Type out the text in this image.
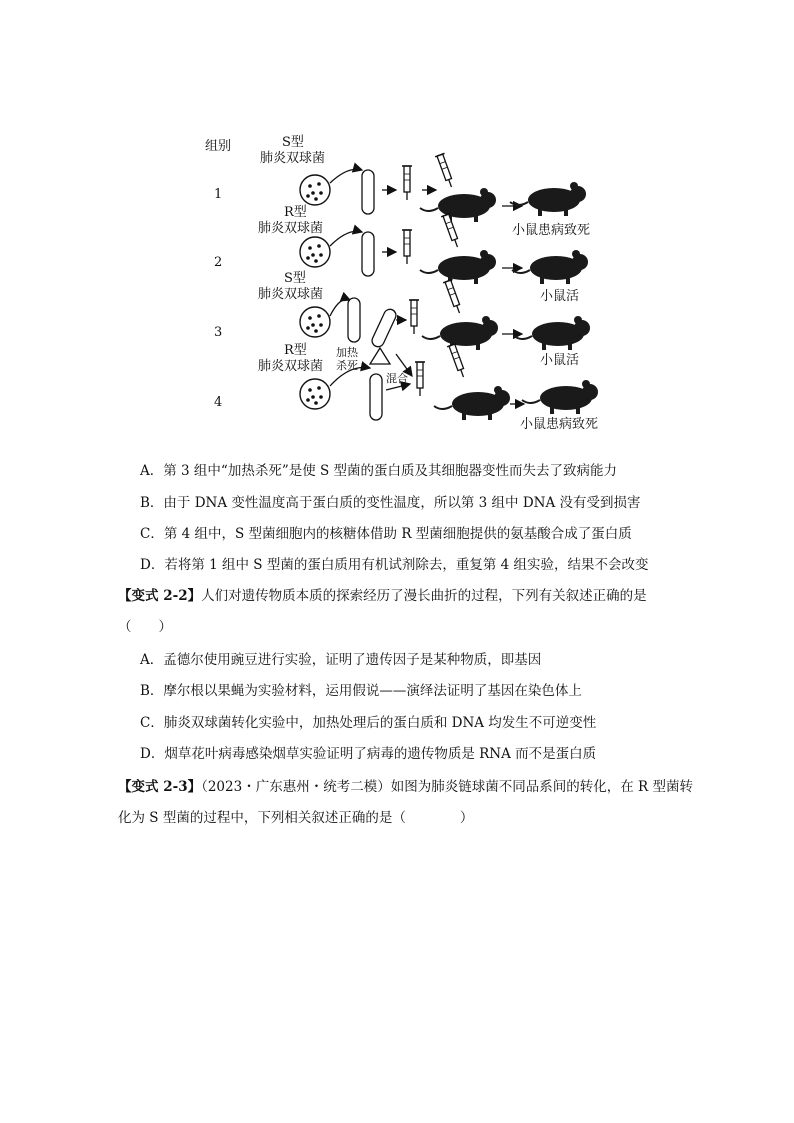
组别	S型
肺炎双球菌
1
小鼠患病致死
R型
肺炎双球菌
2
小鼠活
S型
肺炎双球菌
3
加热
杀死	小鼠活
R型
肺炎双球菌
4
混合
小鼠患病致死
A．第 3 组中“加热杀死”是使 S 型菌的蛋白质及其细胞器变性而失去了致病能力
B．由于 DNA 变性温度高于蛋白质的变性温度，所以第 3 组中 DNA 没有受到损害
C．第 4 组中，S 型菌细胞内的核糖体借助 R 型菌细胞提供的氨基酸合成了蛋白质
D．若将第 1 组中 S 型菌的蛋白质用有机试剂除去，重复第 4 组实验，结果不会改变
【变式 2-2】人们对遗传物质本质的探索经历了漫长曲折的过程，下列有关叙述正确的是
（　　）
A．孟德尔使用豌豆进行实验，证明了遗传因子是某种物质，即基因
B．摩尔根以果蝇为实验材料，运用假说——演绎法证明了基因在染色体上
C．肺炎双球菌转化实验中，加热处理后的蛋白质和 DNA 均发生不可逆变性
D．烟草花叶病毒感染烟草实验证明了病毒的遗传物质是 RNA 而不是蛋白质
【变式 2-3】（2023・广东惠州・统考二模）如图为肺炎链球菌不同品系间的转化，在 R 型菌转
化为 S 型菌的过程中，下列相关叙述正确的是（　　　　）
